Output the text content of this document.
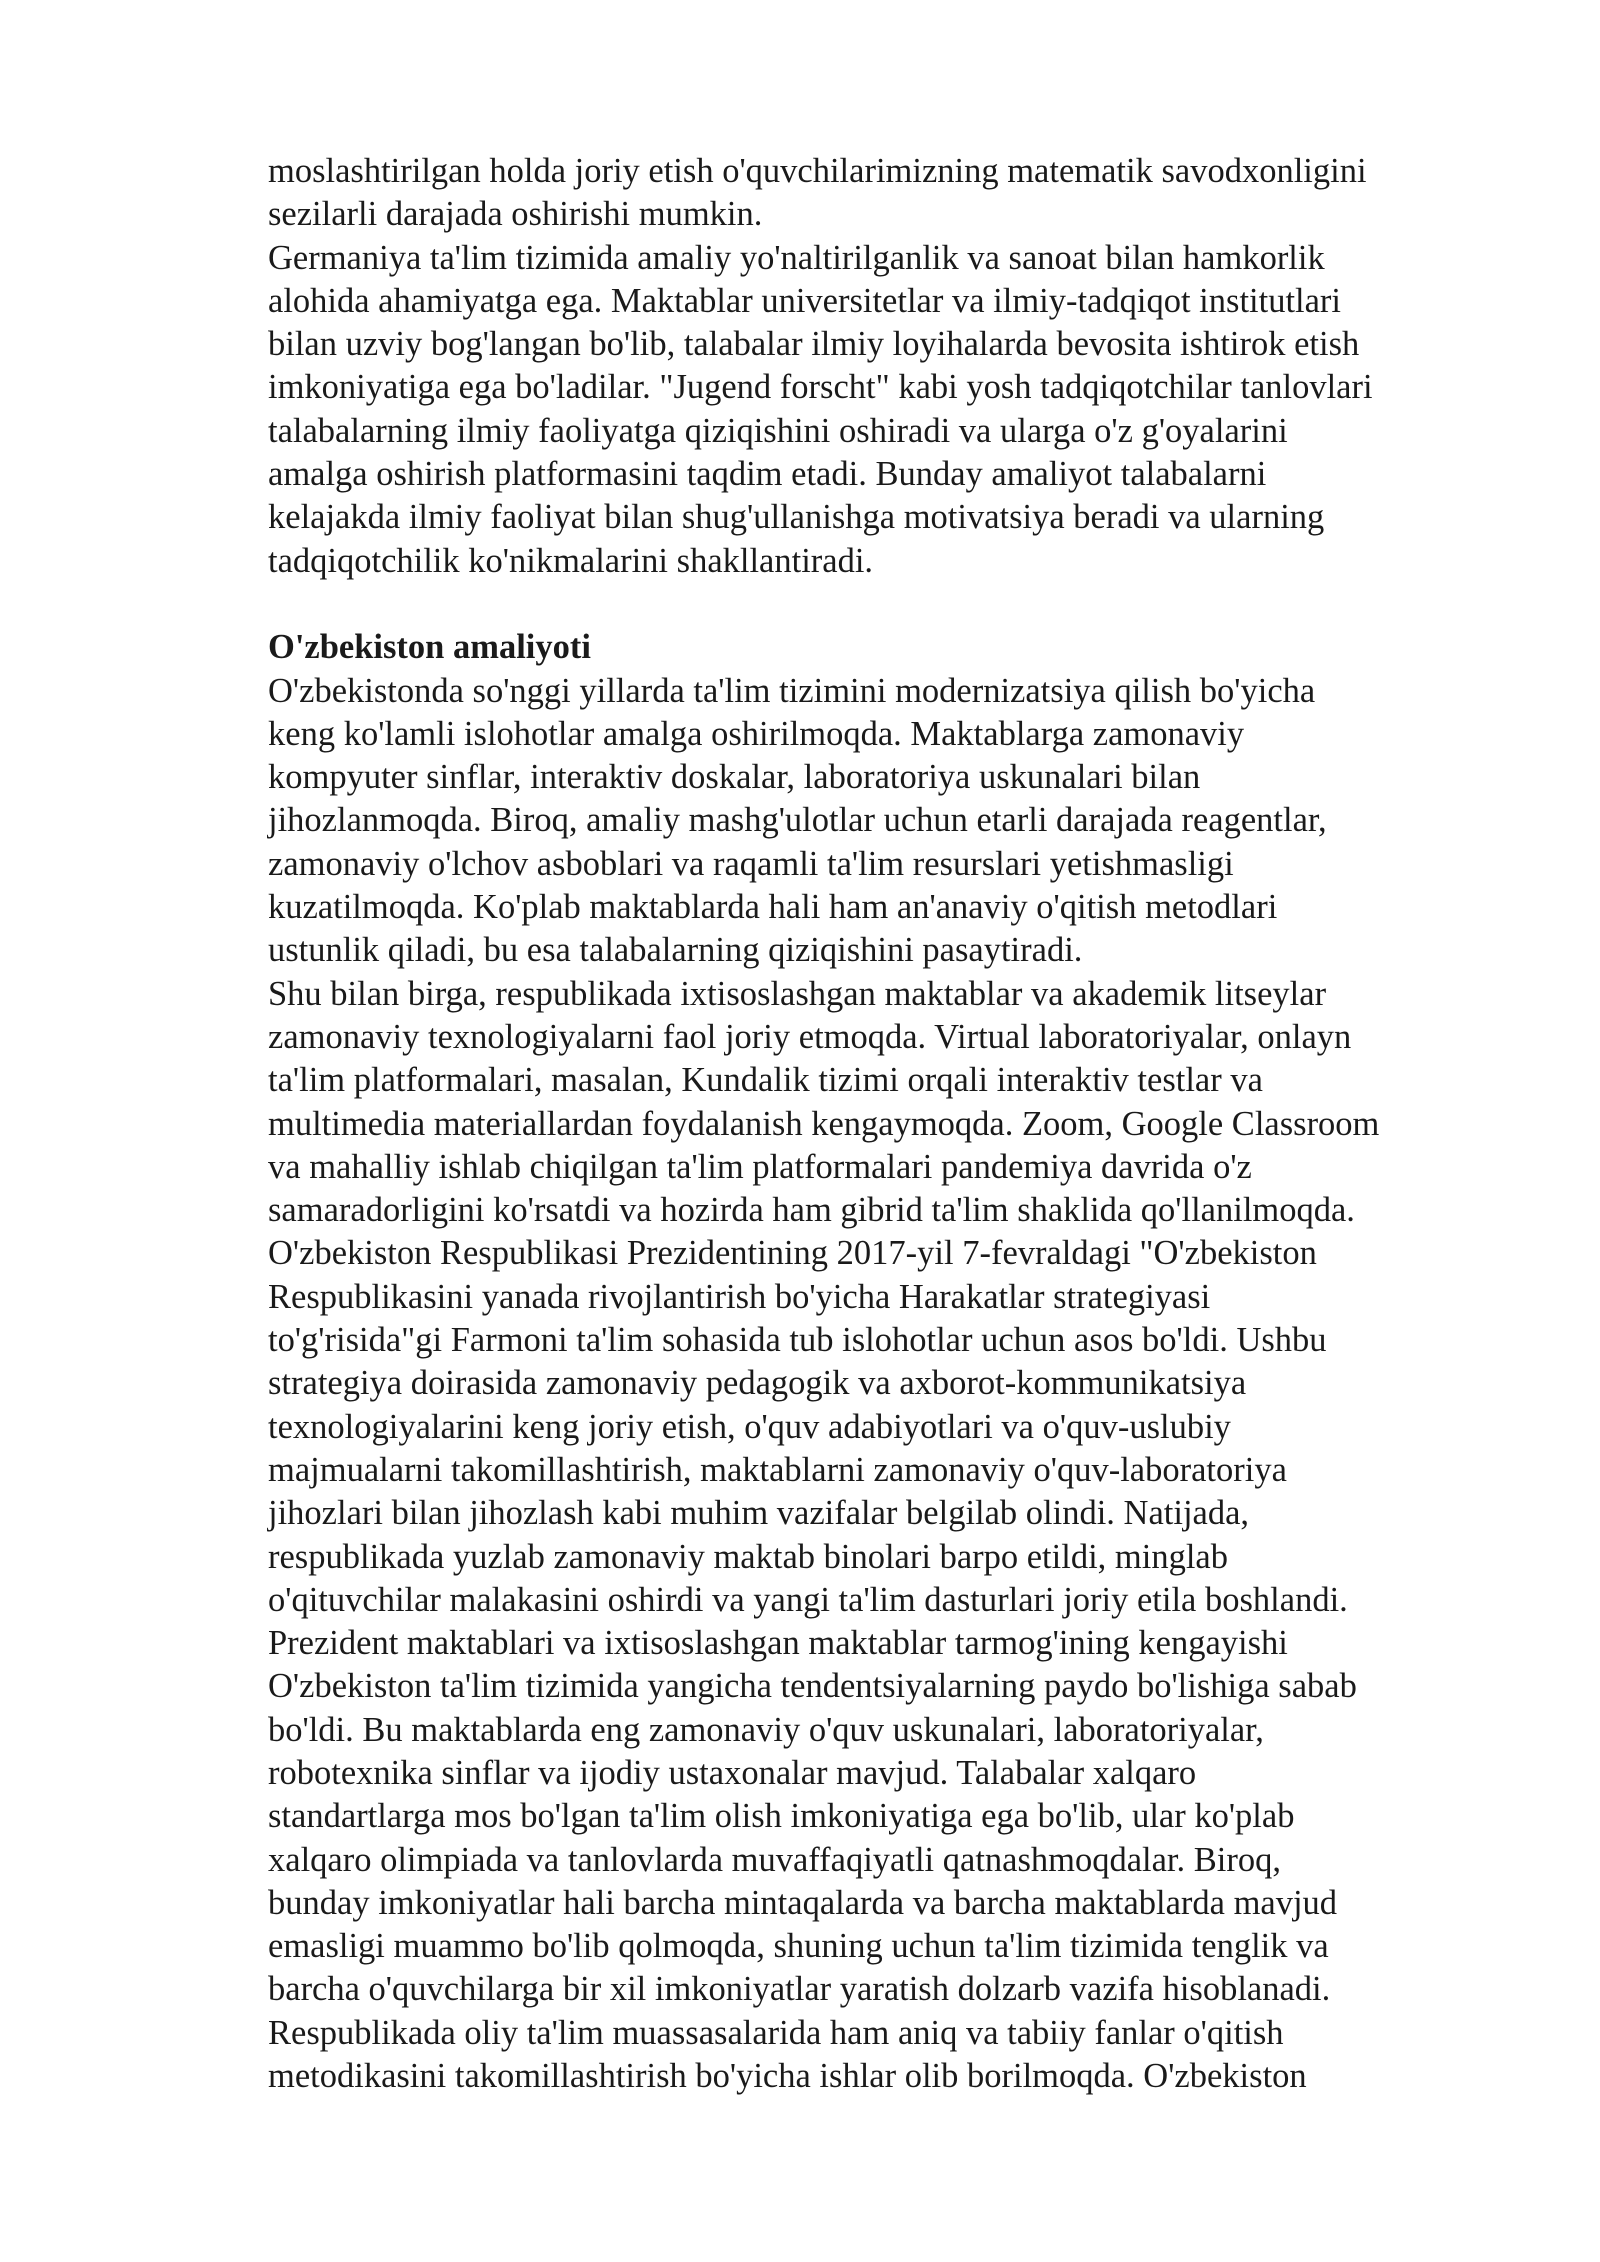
moslashtirilgan holda joriy etish o'quvchilarimizning matematik savodxonligini
sezilarli darajada oshirishi mumkin.
Germaniya ta'lim tizimida amaliy yo'naltirilganlik va sanoat bilan hamkorlik
alohida ahamiyatga ega. Maktablar universitetlar va ilmiy-tadqiqot institutlari
bilan uzviy bog'langan bo'lib, talabalar ilmiy loyihalarda bevosita ishtirok etish
imkoniyatiga ega bo'ladilar. "Jugend forscht" kabi yosh tadqiqotchilar tanlovlari
talabalarning ilmiy faoliyatga qiziqishini oshiradi va ularga o'z g'oyalarini
amalga oshirish platformasini taqdim etadi. Bunday amaliyot talabalarni
kelajakda ilmiy faoliyat bilan shug'ullanishga motivatsiya beradi va ularning
tadqiqotchilik ko'nikmalarini shakllantiradi.
O'zbekiston amaliyoti
O'zbekistonda so'nggi yillarda ta'lim tizimini modernizatsiya qilish bo'yicha
keng ko'lamli islohotlar amalga oshirilmoqda. Maktablarga zamonaviy
kompyuter sinflar, interaktiv doskalar, laboratoriya uskunalari bilan
jihozlanmoqda. Biroq, amaliy mashg'ulotlar uchun etarli darajada reagentlar,
zamonaviy o'lchov asboblari va raqamli ta'lim resurslari yetishmasligi
kuzatilmoqda. Ko'plab maktablarda hali ham an'anaviy o'qitish metodlari
ustunlik qiladi, bu esa talabalarning qiziqishini pasaytiradi.
Shu bilan birga, respublikada ixtisoslashgan maktablar va akademik litseylar
zamonaviy texnologiyalarni faol joriy etmoqda. Virtual laboratoriyalar, onlayn
ta'lim platformalari, masalan, Kundalik tizimi orqali interaktiv testlar va
multimedia materiallardan foydalanish kengaymoqda. Zoom, Google Classroom
va mahalliy ishlab chiqilgan ta'lim platformalari pandemiya davrida o'z
samaradorligini ko'rsatdi va hozirda ham gibrid ta'lim shaklida qo'llanilmoqda.
O'zbekiston Respublikasi Prezidentining 2017-yil 7-fevraldagi "O'zbekiston
Respublikasini yanada rivojlantirish bo'yicha Harakatlar strategiyasi
to'g'risida"gi Farmoni ta'lim sohasida tub islohotlar uchun asos bo'ldi. Ushbu
strategiya doirasida zamonaviy pedagogik va axborot-kommunikatsiya
texnologiyalarini keng joriy etish, o'quv adabiyotlari va o'quv-uslubiy
majmualarni takomillashtirish, maktablarni zamonaviy o'quv-laboratoriya
jihozlari bilan jihozlash kabi muhim vazifalar belgilab olindi. Natijada,
respublikada yuzlab zamonaviy maktab binolari barpo etildi, minglab
o'qituvchilar malakasini oshirdi va yangi ta'lim dasturlari joriy etila boshlandi.
Prezident maktablari va ixtisoslashgan maktablar tarmog'ining kengayishi
O'zbekiston ta'lim tizimida yangicha tendentsiyalarning paydo bo'lishiga sabab
bo'ldi. Bu maktablarda eng zamonaviy o'quv uskunalari, laboratoriyalar,
robotexnika sinflar va ijodiy ustaxonalar mavjud. Talabalar xalqaro
standartlarga mos bo'lgan ta'lim olish imkoniyatiga ega bo'lib, ular ko'plab
xalqaro olimpiada va tanlovlarda muvaffaqiyatli qatnashmoqdalar. Biroq,
bunday imkoniyatlar hali barcha mintaqalarda va barcha maktablarda mavjud
emasligi muammo bo'lib qolmoqda, shuning uchun ta'lim tizimida tenglik va
barcha o'quvchilarga bir xil imkoniyatlar yaratish dolzarb vazifa hisoblanadi.
Respublikada oliy ta'lim muassasalarida ham aniq va tabiiy fanlar o'qitish
metodikasini takomillashtirish bo'yicha ishlar olib borilmoqda. O'zbekiston
